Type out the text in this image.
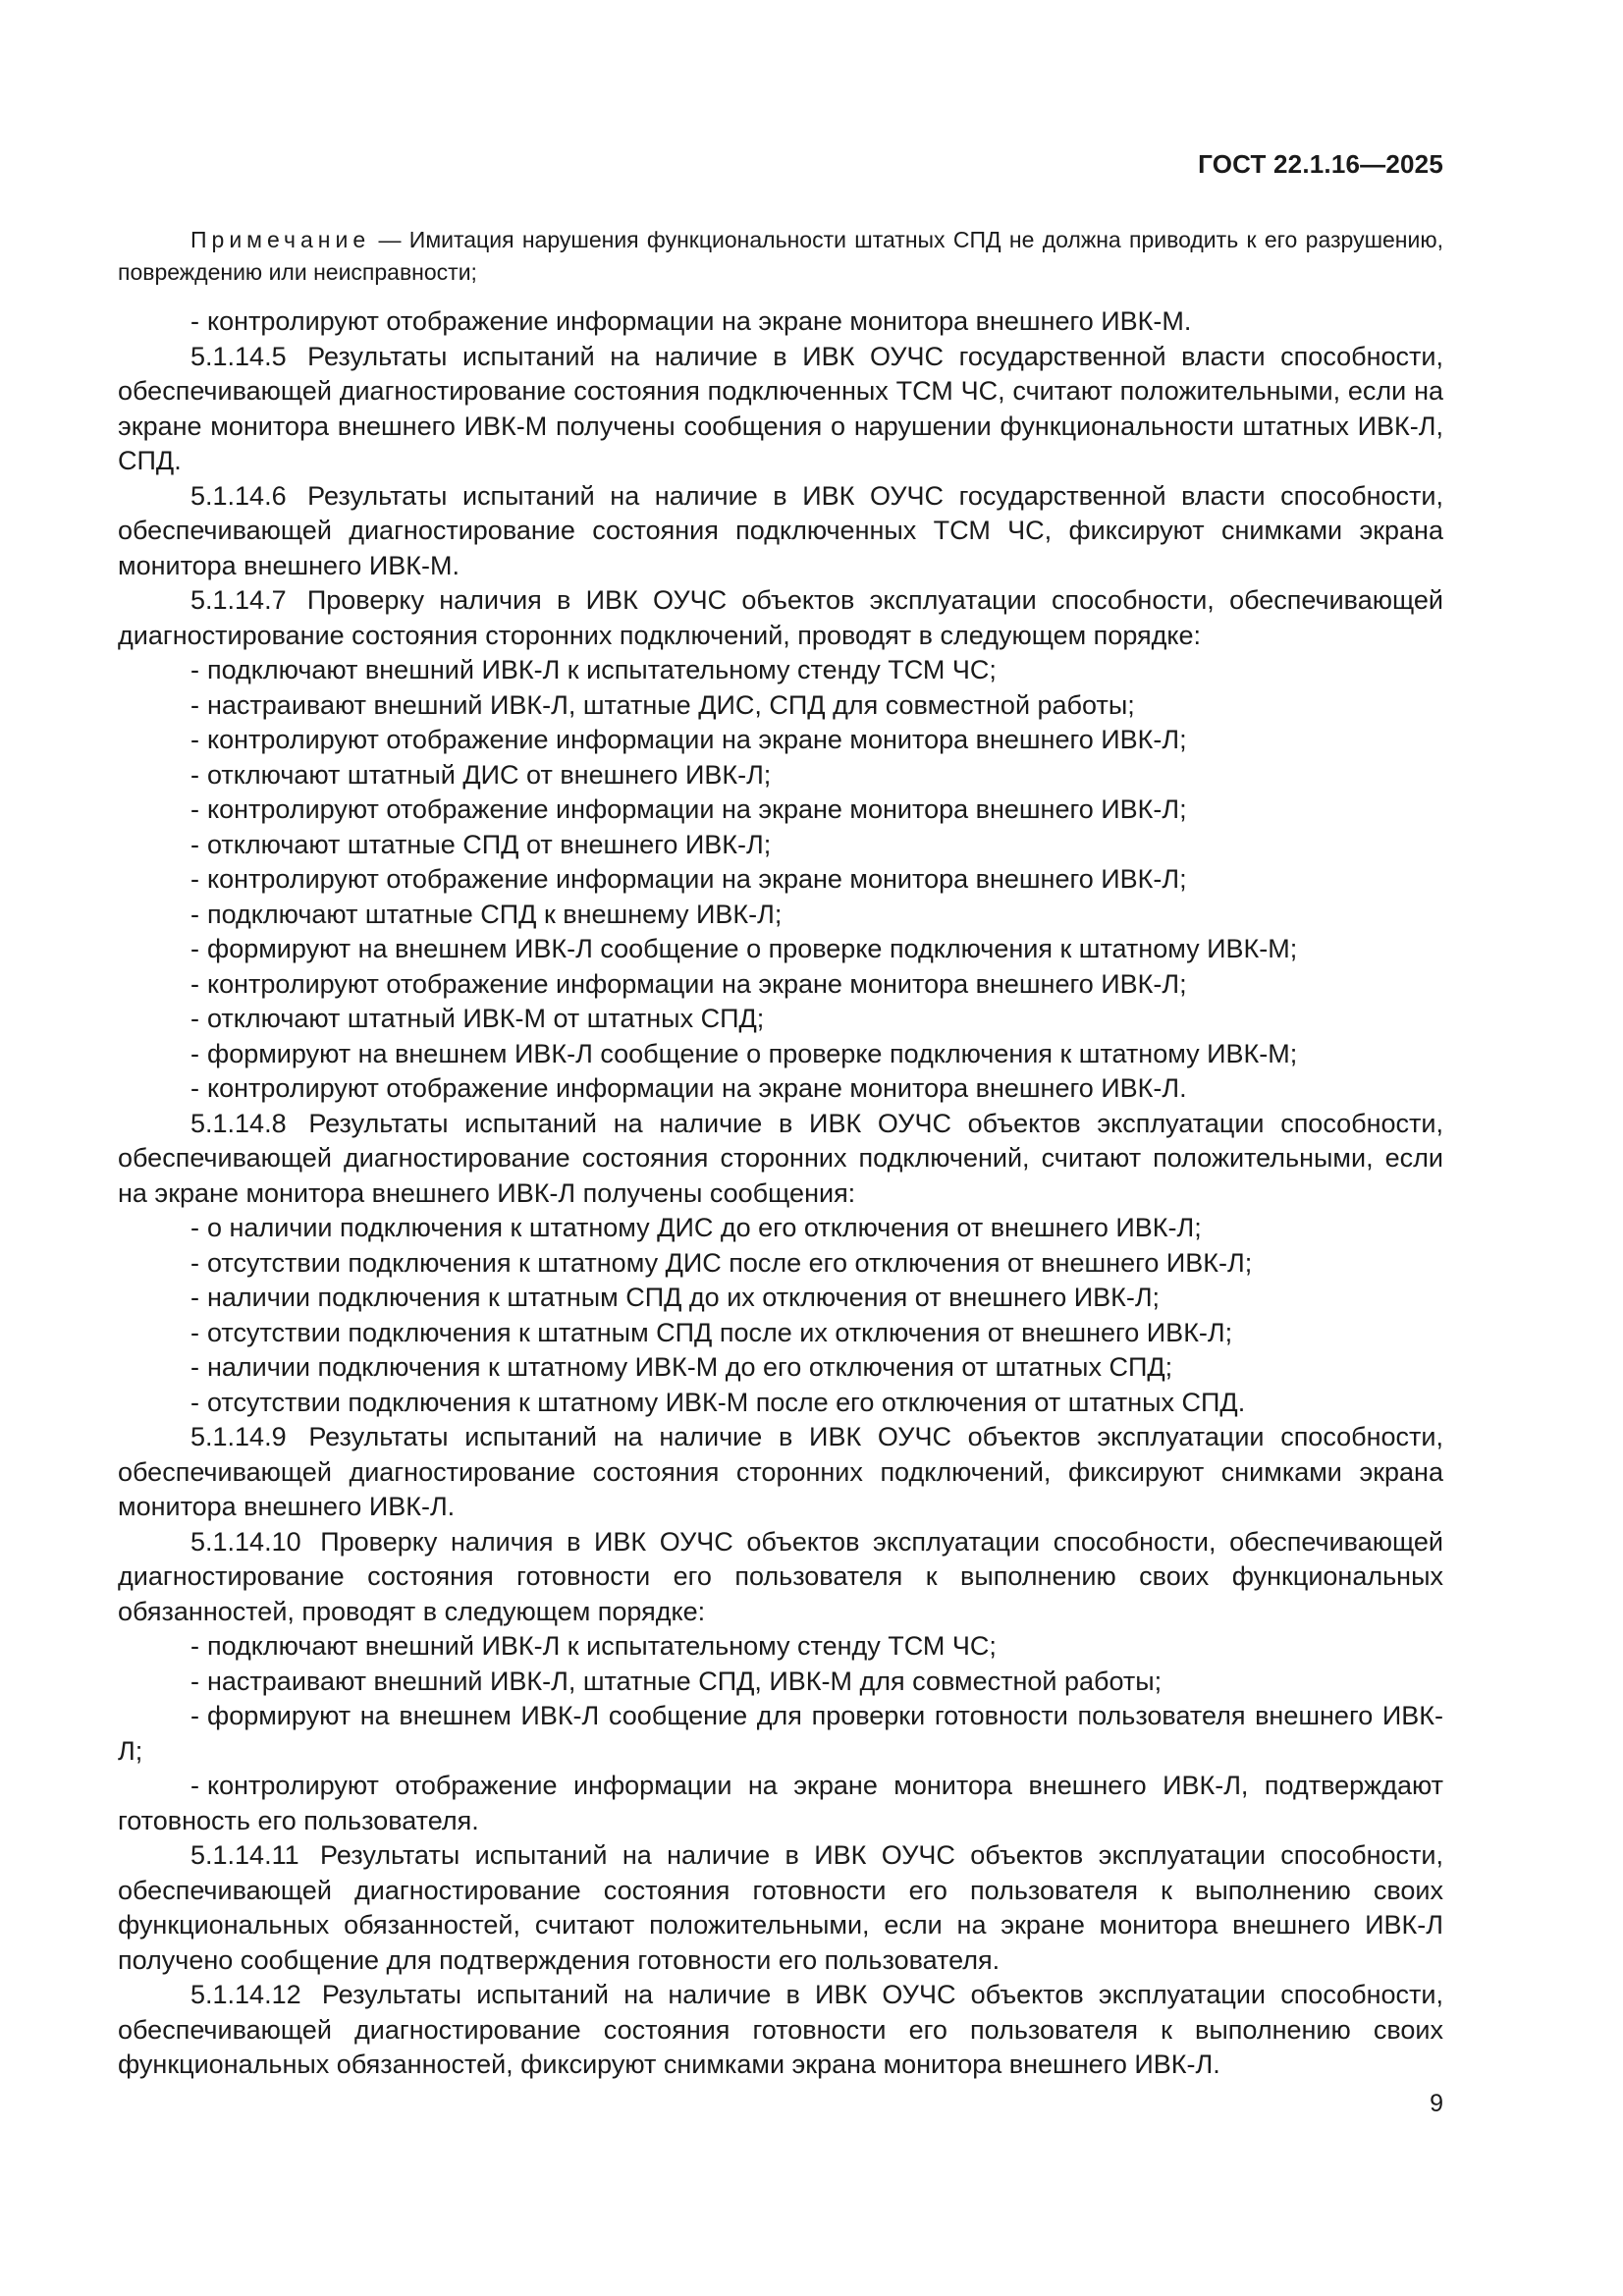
ГОСТ 22.1.16—2025
Примечание — Имитация нарушения функциональности штатных СПД не должна приводить к его разрушению, повреждению или неисправности;

- контролируют отображение информации на экране монитора внешнего ИВК-М.

5.1.14.5 Результаты испытаний на наличие в ИВК ОУЧС государственной власти способности, обеспечивающей диагностирование состояния подключенных ТСМ ЧС, считают положительными, если на экране монитора внешнего ИВК-М получены сообщения о нарушении функциональности штатных ИВК-Л, СПД.

5.1.14.6 Результаты испытаний на наличие в ИВК ОУЧС государственной власти способности, обеспечивающей диагностирование состояния подключенных ТСМ ЧС, фиксируют снимками экрана монитора внешнего ИВК-М.

5.1.14.7 Проверку наличия в ИВК ОУЧС объектов эксплуатации способности, обеспечивающей диагностирование состояния сторонних подключений, проводят в следующем порядке:

- подключают внешний ИВК-Л к испытательному стенду ТСМ ЧС;

- настраивают внешний ИВК-Л, штатные ДИС, СПД для совместной работы;

- контролируют отображение информации на экране монитора внешнего ИВК-Л;

- отключают штатный ДИС от внешнего ИВК-Л;

- контролируют отображение информации на экране монитора внешнего ИВК-Л;

- отключают штатные СПД от внешнего ИВК-Л;

- контролируют отображение информации на экране монитора внешнего ИВК-Л;

- подключают штатные СПД к внешнему ИВК-Л;

- формируют на внешнем ИВК-Л сообщение о проверке подключения к штатному ИВК-М;

- контролируют отображение информации на экране монитора внешнего ИВК-Л;

- отключают штатный ИВК-М от штатных СПД;

- формируют на внешнем ИВК-Л сообщение о проверке подключения к штатному ИВК-М;

- контролируют отображение информации на экране монитора внешнего ИВК-Л.

5.1.14.8 Результаты испытаний на наличие в ИВК ОУЧС объектов эксплуатации способности, обеспечивающей диагностирование состояния сторонних подключений, считают положительными, если на экране монитора внешнего ИВК-Л получены сообщения:

- о наличии подключения к штатному ДИС до его отключения от внешнего ИВК-Л;

- отсутствии подключения к штатному ДИС после его отключения от внешнего ИВК-Л;

- наличии подключения к штатным СПД до их отключения от внешнего ИВК-Л;

- отсутствии подключения к штатным СПД после их отключения от внешнего ИВК-Л;

- наличии подключения к штатному ИВК-М до его отключения от штатных СПД;

- отсутствии подключения к штатному ИВК-М после его отключения от штатных СПД.

5.1.14.9 Результаты испытаний на наличие в ИВК ОУЧС объектов эксплуатации способности, обеспечивающей диагностирование состояния сторонних подключений, фиксируют снимками экрана монитора внешнего ИВК-Л.

5.1.14.10 Проверку наличия в ИВК ОУЧС объектов эксплуатации способности, обеспечивающей диагностирование состояния готовности его пользователя к выполнению своих функциональных обязанностей, проводят в следующем порядке:

- подключают внешний ИВК-Л к испытательному стенду ТСМ ЧС;

- настраивают внешний ИВК-Л, штатные СПД, ИВК-М для совместной работы;

- формируют на внешнем ИВК-Л сообщение для проверки готовности пользователя внешнего ИВК-Л;

- контролируют отображение информации на экране монитора внешнего ИВК-Л, подтверждают готовность его пользователя.

5.1.14.11 Результаты испытаний на наличие в ИВК ОУЧС объектов эксплуатации способности, обеспечивающей диагностирование состояния готовности его пользователя к выполнению своих функциональных обязанностей, считают положительными, если на экране монитора внешнего ИВК-Л получено сообщение для подтверждения готовности его пользователя.

5.1.14.12 Результаты испытаний на наличие в ИВК ОУЧС объектов эксплуатации способности, обеспечивающей диагностирование состояния готовности его пользователя к выполнению своих функциональных обязанностей, фиксируют снимками экрана монитора внешнего ИВК-Л.

9
